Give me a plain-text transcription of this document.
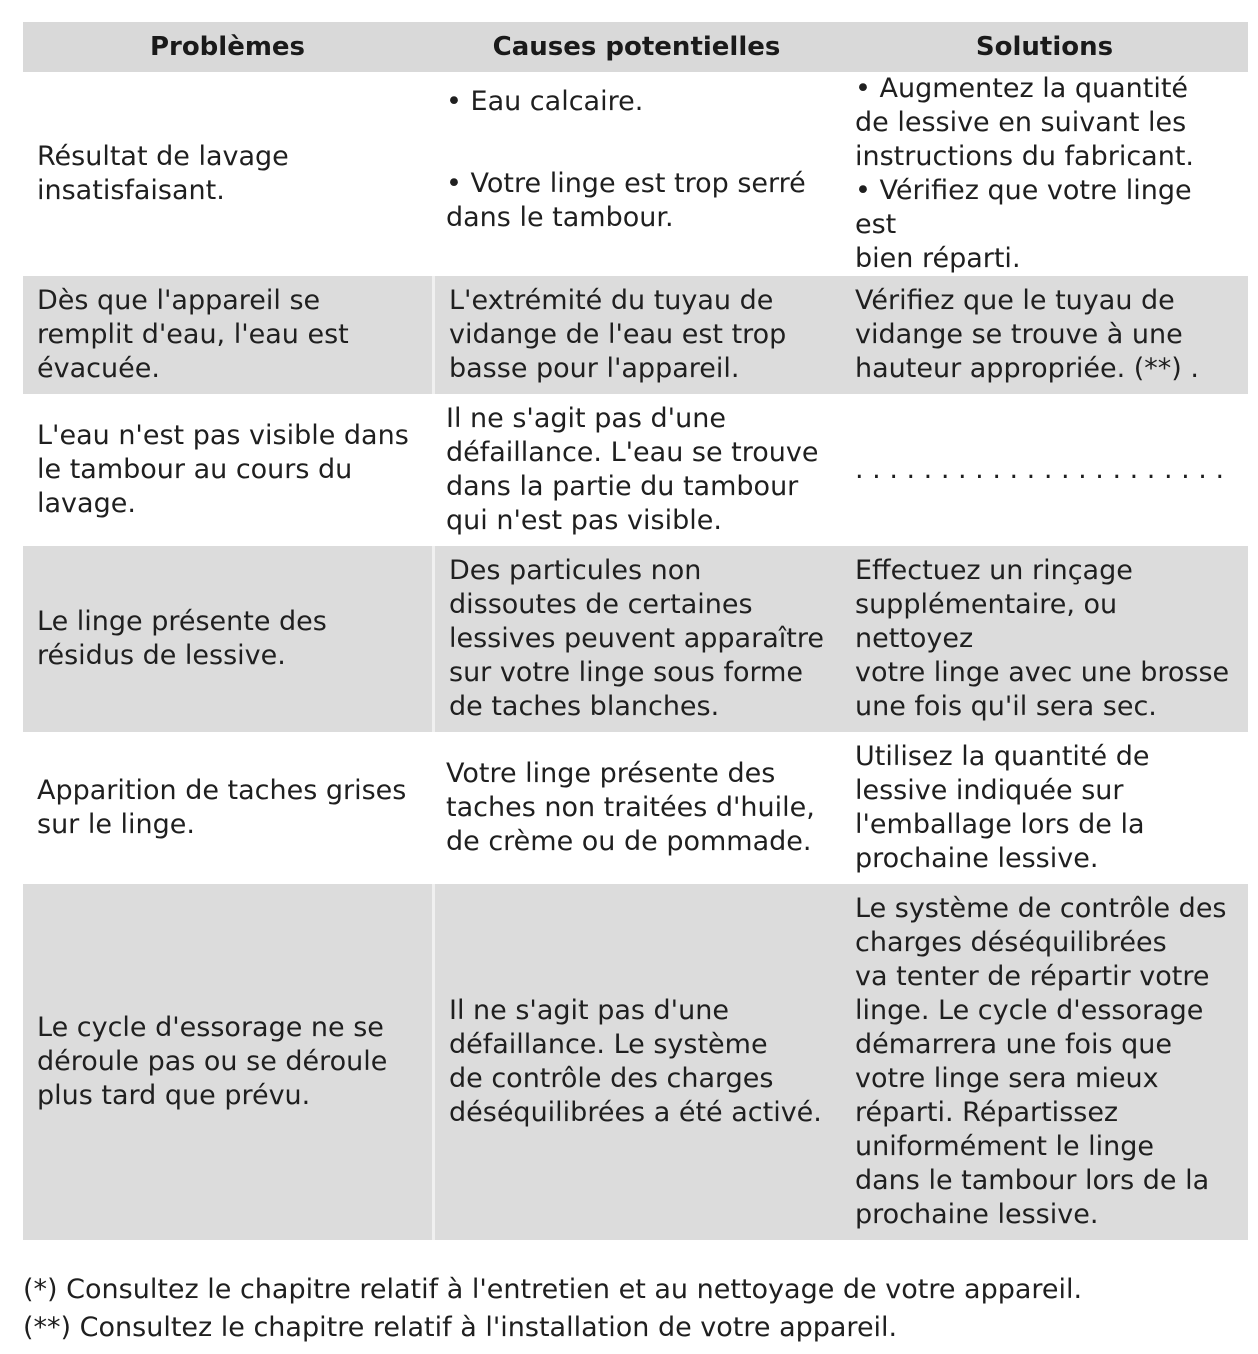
Problèmes	Causes potentielles	Solutions
Résultat de lavage
insatisfaisant.
• Eau calcaire.
• Votre linge est trop serré
dans le tambour.
• Augmentez la quantité
de lessive en suivant les
instructions du fabricant.
• Vérifiez que votre linge est
bien réparti.
Dès que l'appareil se
remplit d'eau, l'eau est
évacuée.
L'extrémité du tuyau de
vidange de l'eau est trop
basse pour l'appareil.
Vérifiez que le tuyau de
vidange se trouve à une
hauteur appropriée. (**) .
L'eau n'est pas visible dans
le tambour au cours du
lavage.
Il ne s'agit pas d'une
défaillance. L'eau se trouve
dans la partie du tambour
qui n'est pas visible.
. . . . . . . . . . . . . . . . . . . . . .
Le linge présente des
résidus de lessive.
Des particules non
dissoutes de certaines
lessives peuvent apparaître
sur votre linge sous forme
de taches blanches.
Effectuez un rinçage
supplémentaire, ou nettoyez
votre linge avec une brosse
une fois qu'il sera sec.
Apparition de taches grises
sur le linge.
Votre linge présente des
taches non traitées d'huile,
de crème ou de pommade.
Utilisez la quantité de
lessive indiquée sur
l'emballage lors de la
prochaine lessive.
Le cycle d'essorage ne se
déroule pas ou se déroule
plus tard que prévu.
Il ne s'agit pas d'une
défaillance. Le système
de contrôle des charges
déséquilibrées a été activé.
Le système de contrôle des
charges déséquilibrées
va tenter de répartir votre
linge. Le cycle d'essorage
démarrera une fois que
votre linge sera mieux
réparti. Répartissez
uniformément le linge
dans le tambour lors de la
prochaine lessive.
(*) Consultez le chapitre relatif à l'entretien et au nettoyage de votre appareil.
(**) Consultez le chapitre relatif à l'installation de votre appareil.
